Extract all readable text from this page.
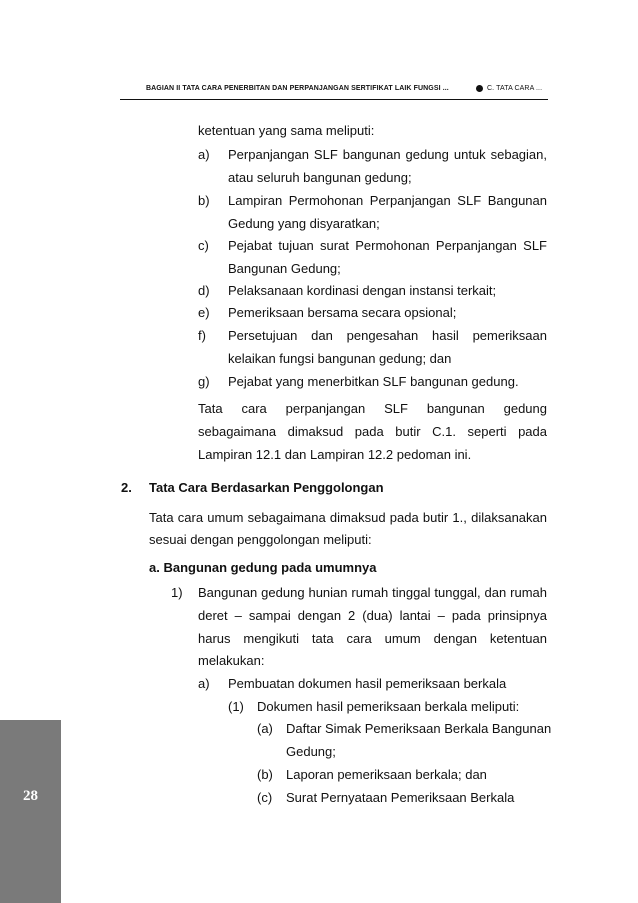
BAGIAN II TATA CARA PENERBITAN DAN PERPANJANGAN SERTIFIKAT LAIK FUNGSI ...	C. TATA CARA ...
28
ketentuan yang sama meliputi:
a) Perpanjangan SLF bangunan gedung untuk sebagian,
atau seluruh bangunan gedung;
b) Lampiran Permohonan Perpanjangan SLF Bangunan
Gedung yang disyaratkan;
c) Pejabat tujuan surat Permohonan Perpanjangan SLF
Bangunan Gedung;
d) Pelaksanaan kordinasi dengan instansi terkait;
e) Pemeriksaan bersama secara opsional;
f) Persetujuan dan pengesahan hasil pemeriksaan
kelaikan fungsi bangunan gedung; dan
g) Pejabat yang menerbitkan SLF bangunan gedung.
Tata cara perpanjangan SLF bangunan gedung
sebagaimana dimaksud pada butir C.1. seperti pada
Lampiran 12.1 dan Lampiran 12.2 pedoman ini.
2. Tata Cara Berdasarkan Penggolongan
Tata cara umum sebagaimana dimaksud pada butir 1., dilaksanakan
sesuai dengan penggolongan meliputi:
a. Bangunan gedung pada umumnya
1) Bangunan gedung hunian rumah tinggal tunggal, dan rumah
deret – sampai dengan 2 (dua) lantai – pada prinsipnya
harus mengikuti tata cara umum dengan ketentuan
melakukan:
a) Pembuatan dokumen hasil pemeriksaan berkala
(1) Dokumen hasil pemeriksaan berkala meliputi:
(a) Daftar Simak Pemeriksaan Berkala Bangunan
Gedung;
(b) Laporan pemeriksaan berkala; dan
(c) Surat Pernyataan Pemeriksaan Berkala
